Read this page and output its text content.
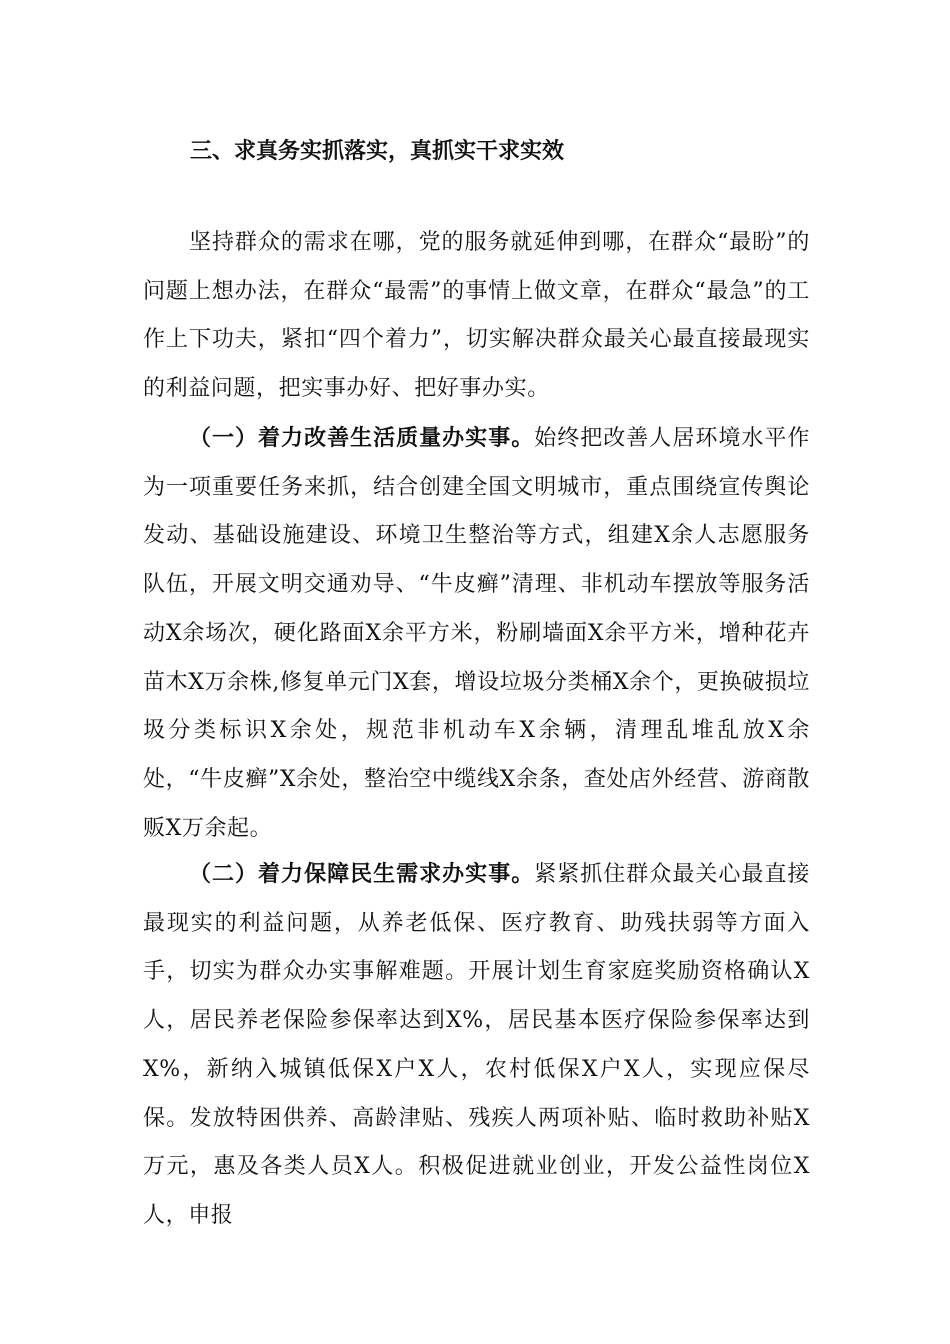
三、求真务实抓落实，真抓实干求实效

坚持群众的需求在哪，党的服务就延伸到哪，在群众“最盼”的问题上想办法，在群众“最需”的事情上做文章，在群众“最急”的工作上下功夫，紧扣“四个着力”，切实解决群众最关心最直接最现实的利益问题，把实事办好、把好事办实。

（一）着力改善生活质量办实事。始终把改善人居环境水平作为一项重要任务来抓，结合创建全国文明城市，重点围绕宣传舆论发动、基础设施建设、环境卫生整治等方式，组建X余人志愿服务队伍，开展文明交通劝导、“牛皮癣”清理、非机动车摆放等服务活动X余场次，硬化路面X余平方米，粉刷墙面X余平方米，增种花卉苗木X万余株,修复单元门X套，增设垃圾分类桶X余个，更换破损垃圾分类标识X余处，规范非机动车X余辆，清理乱堆乱放X余处，“牛皮癣”X余处，整治空中缆线X余条，查处店外经营、游商散贩X万余起。

（二）着力保障民生需求办实事。紧紧抓住群众最关心最直接最现实的利益问题，从养老低保、医疗教育、助残扶弱等方面入手，切实为群众办实事解难题。开展计划生育家庭奖励资格确认X人，居民养老保险参保率达到X%，居民基本医疗保险参保率达到X%，新纳入城镇低保X户X人，农村低保X户X人，实现应保尽保。发放特困供养、高龄津贴、残疾人两项补贴、临时救助补贴X万元，惠及各类人员X人。积极促进就业创业，开发公益性岗位X人，申报
